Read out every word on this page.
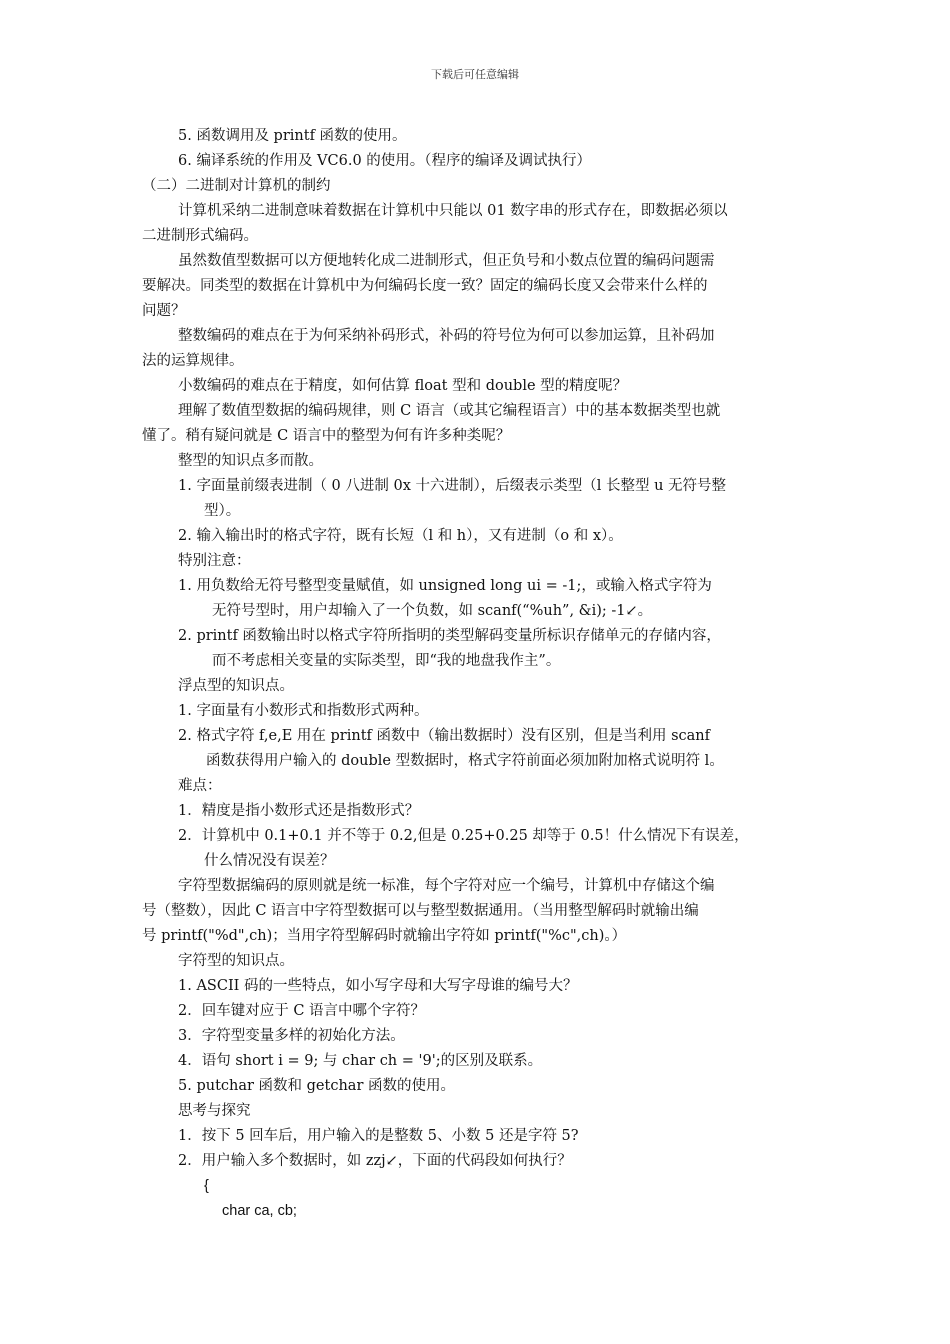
下载后可任意编辑
5. 函数调用及 printf 函数的使用。
6. 编译系统的作用及 VC6.0 的使用。（程序的编译及调试执行）
（二）二进制对计算机的制约
计算机采纳二进制意味着数据在计算机中只能以 01 数字串的形式存在，即数据必须以
二进制形式编码。
虽然数值型数据可以方便地转化成二进制形式，但正负号和小数点位置的编码问题需
要解决。同类型的数据在计算机中为何编码长度一致？固定的编码长度又会带来什么样的
问题？
整数编码的难点在于为何采纳补码形式，补码的符号位为何可以参加运算，且补码加
法的运算规律。
小数编码的难点在于精度，如何估算 float 型和 double 型的精度呢？
理解了数值型数据的编码规律，则 C 语言（或其它编程语言）中的基本数据类型也就
懂了。稍有疑问就是 C 语言中的整型为何有许多种类呢？
整型的知识点多而散。
1. 字面量前缀表进制（ 0 八进制 0x 十六进制），后缀表示类型（l 长整型 u 无符号整
型）。
2. 输入输出时的格式字符，既有长短（l 和 h），又有进制（o 和 x）。
特别注意：
1. 用负数给无符号整型变量赋值，如 unsigned long ui = -1;，或输入格式字符为
无符号型时，用户却输入了一个负数，如 scanf(“%uh”, &i); -1↙。
2. printf 函数输出时以格式字符所指明的类型解码变量所标识存储单元的存储内容，
而不考虑相关变量的实际类型，即“我的地盘我作主”。
浮点型的知识点。
1. 字面量有小数形式和指数形式两种。
2. 格式字符 f,e,E 用在 printf 函数中（输出数据时）没有区别，但是当利用 scanf
函数获得用户输入的 double 型数据时，格式字符前面必须加附加格式说明符 l。
难点：
1．精度是指小数形式还是指数形式？
2．计算机中 0.1+0.1 并不等于 0.2,但是 0.25+0.25 却等于 0.5！什么情况下有误差，
什么情况没有误差？
字符型数据编码的原则就是统一标准，每个字符对应一个编号，计算机中存储这个编
号（整数），因此 C 语言中字符型数据可以与整型数据通用。（当用整型解码时就输出编
号 printf("%d",ch)；当用字符型解码时就输出字符如 printf("%c",ch)。）
字符型的知识点。
1. ASCII 码的一些特点，如小写字母和大写字母谁的编号大？
2．回车键对应于 C 语言中哪个字符？
3．字符型变量多样的初始化方法。
4．语句 short i = 9; 与 char ch = '9';的区别及联系。
5. putchar 函数和 getchar 函数的使用。
思考与探究
1．按下 5 回车后，用户输入的是整数 5、小数 5 还是字符 5?
2．用户输入多个数据时，如 zzj↙，下面的代码段如何执行？
{
char ca, cb;
